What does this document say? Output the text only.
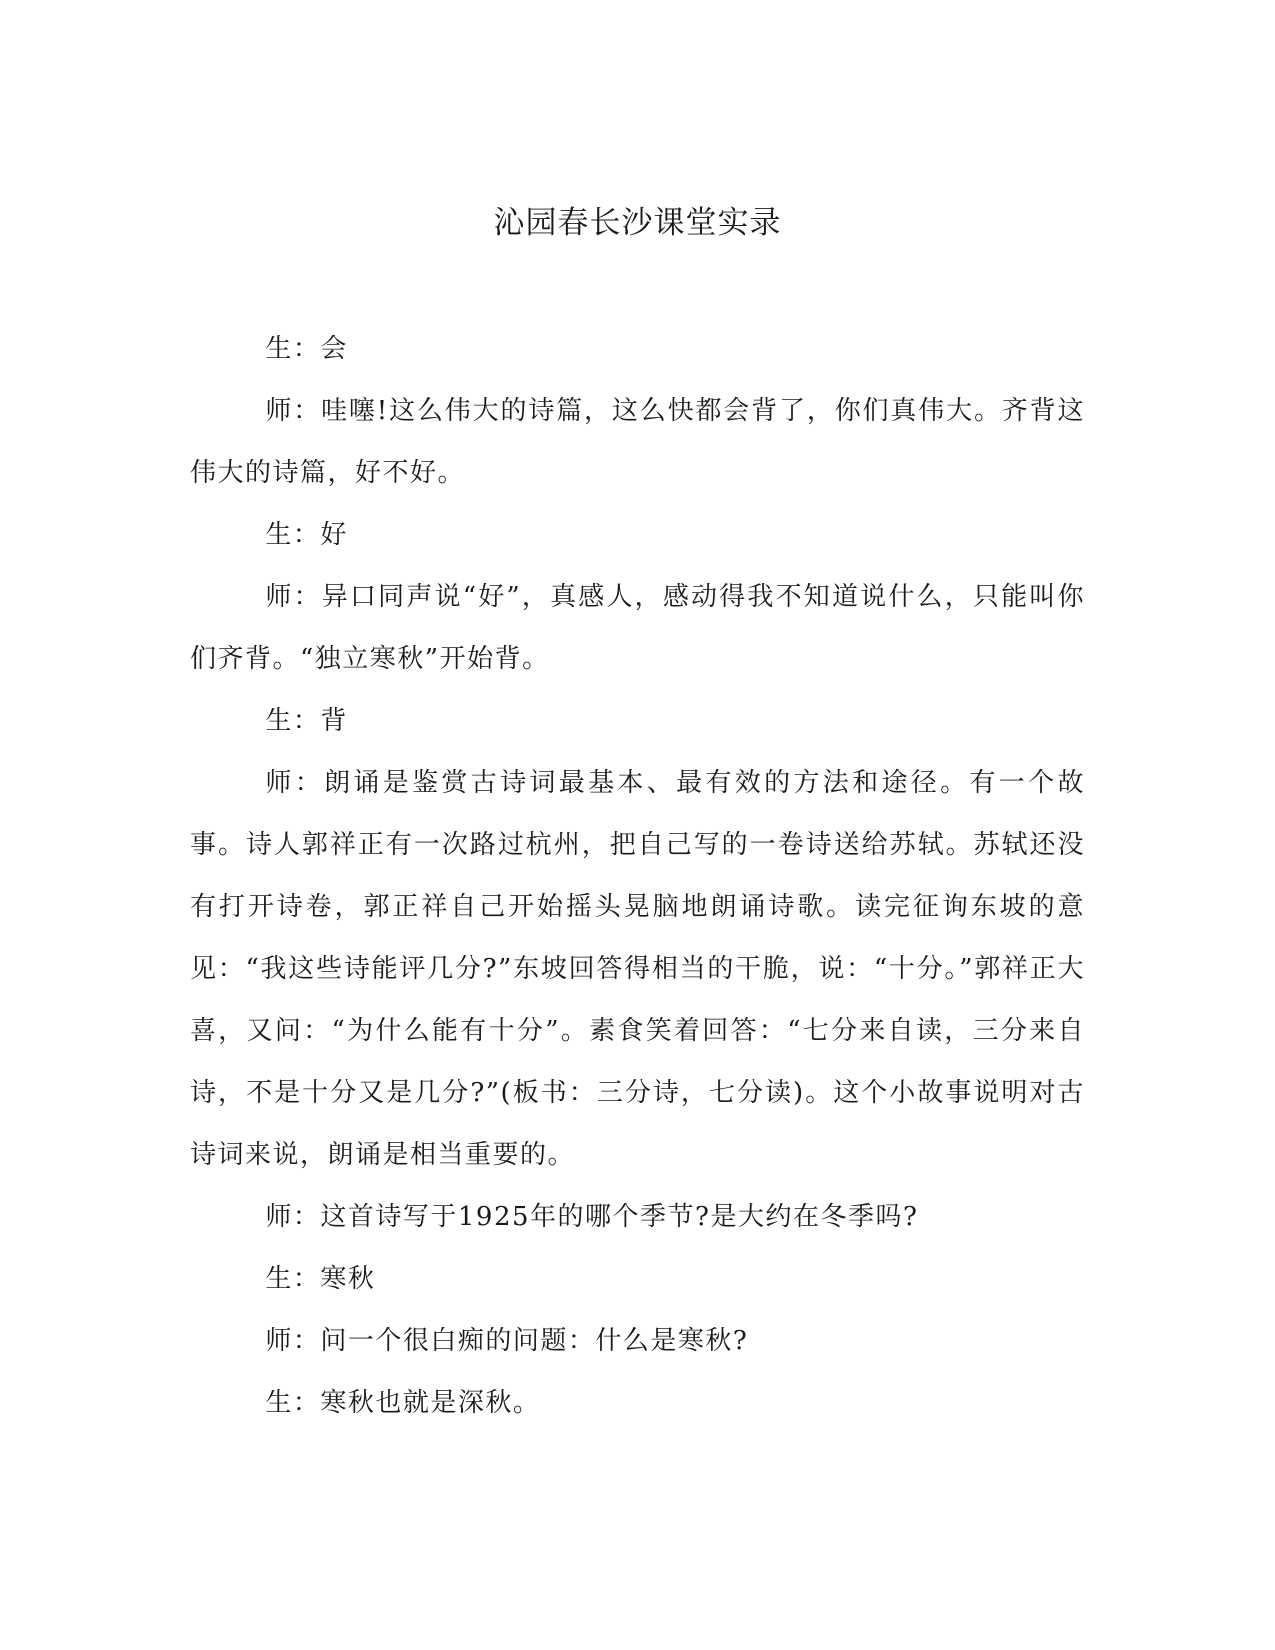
沁园春长沙课堂实录

生：会

师：哇噻!这么伟大的诗篇，这么快都会背了，你们真伟大。齐背这伟大的诗篇，好不好。

生：好

师：异口同声说“好”，真感人，感动得我不知道说什么，只能叫你们齐背。“独立寒秋”开始背。

生：背

师：朗诵是鉴赏古诗词最基本、最有效的方法和途径。有一个故事。诗人郭祥正有一次路过杭州，把自己写的一卷诗送给苏轼。苏轼还没有打开诗卷，郭正祥自己开始摇头晃脑地朗诵诗歌。读完征询东坡的意见：“我这些诗能评几分?”东坡回答得相当的干脆，说：“十分。”郭祥正大喜，又问：“为什么能有十分”。素食笑着回答：“七分来自读，三分来自诗，不是十分又是几分?”(板书：三分诗，七分读)。这个小故事说明对古诗词来说，朗诵是相当重要的。

师：这首诗写于1925年的哪个季节?是大约在冬季吗?

生：寒秋

师：问一个很白痴的问题：什么是寒秋?

生：寒秋也就是深秋。
